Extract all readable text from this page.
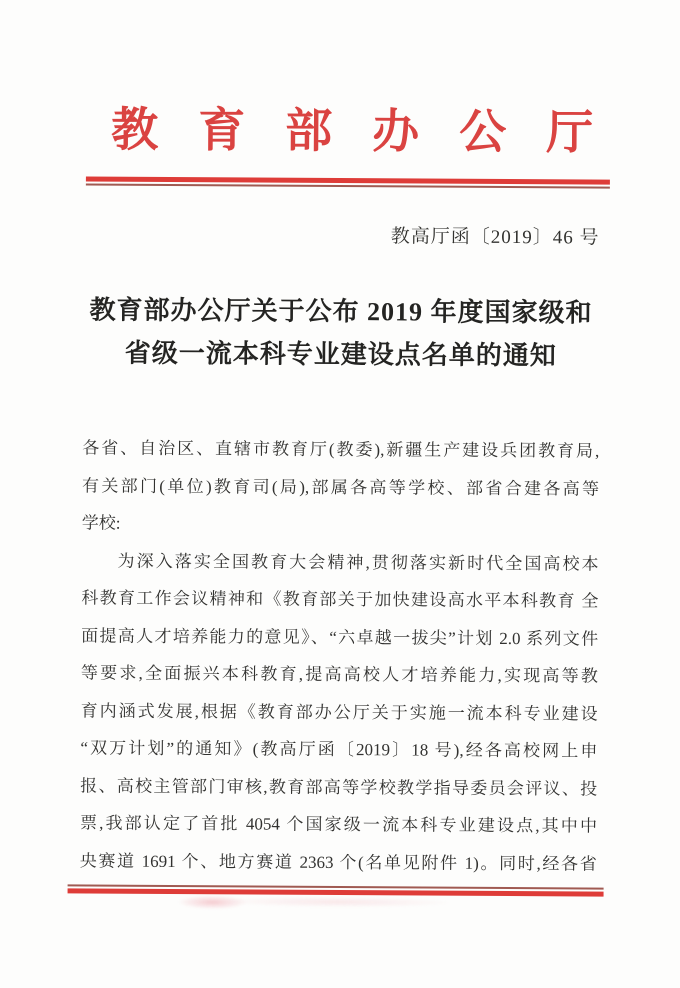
教育部办公厅
教高厅函〔2019〕46 号
教育部办公厅关于公布 2019 年度国家级和
省级一流本科专业建设点名单的通知
各省、自治区、直辖市教育厅(教委),新疆生产建设兵团教育局,
有关部门(单位)教育司(局),部属各高等学校、部省合建各高等
学校:
为深入落实全国教育大会精神,贯彻落实新时代全国高校本
科教育工作会议精神和《教育部关于加快建设高水平本科教育 全
面提高人才培养能力的意见》、“六卓越一拔尖”计划 2.0 系列文件
等要求,全面振兴本科教育,提高高校人才培养能力,实现高等教
育内涵式发展,根据《教育部办公厅关于实施一流本科专业建设
“双万计划”的通知》(教高厅函〔2019〕18 号),经各高校网上申
报、高校主管部门审核,教育部高等学校教学指导委员会评议、投
票,我部认定了首批 4054 个国家级一流本科专业建设点,其中中
央赛道 1691 个、地方赛道 2363 个(名单见附件 1)。同时,经各省
